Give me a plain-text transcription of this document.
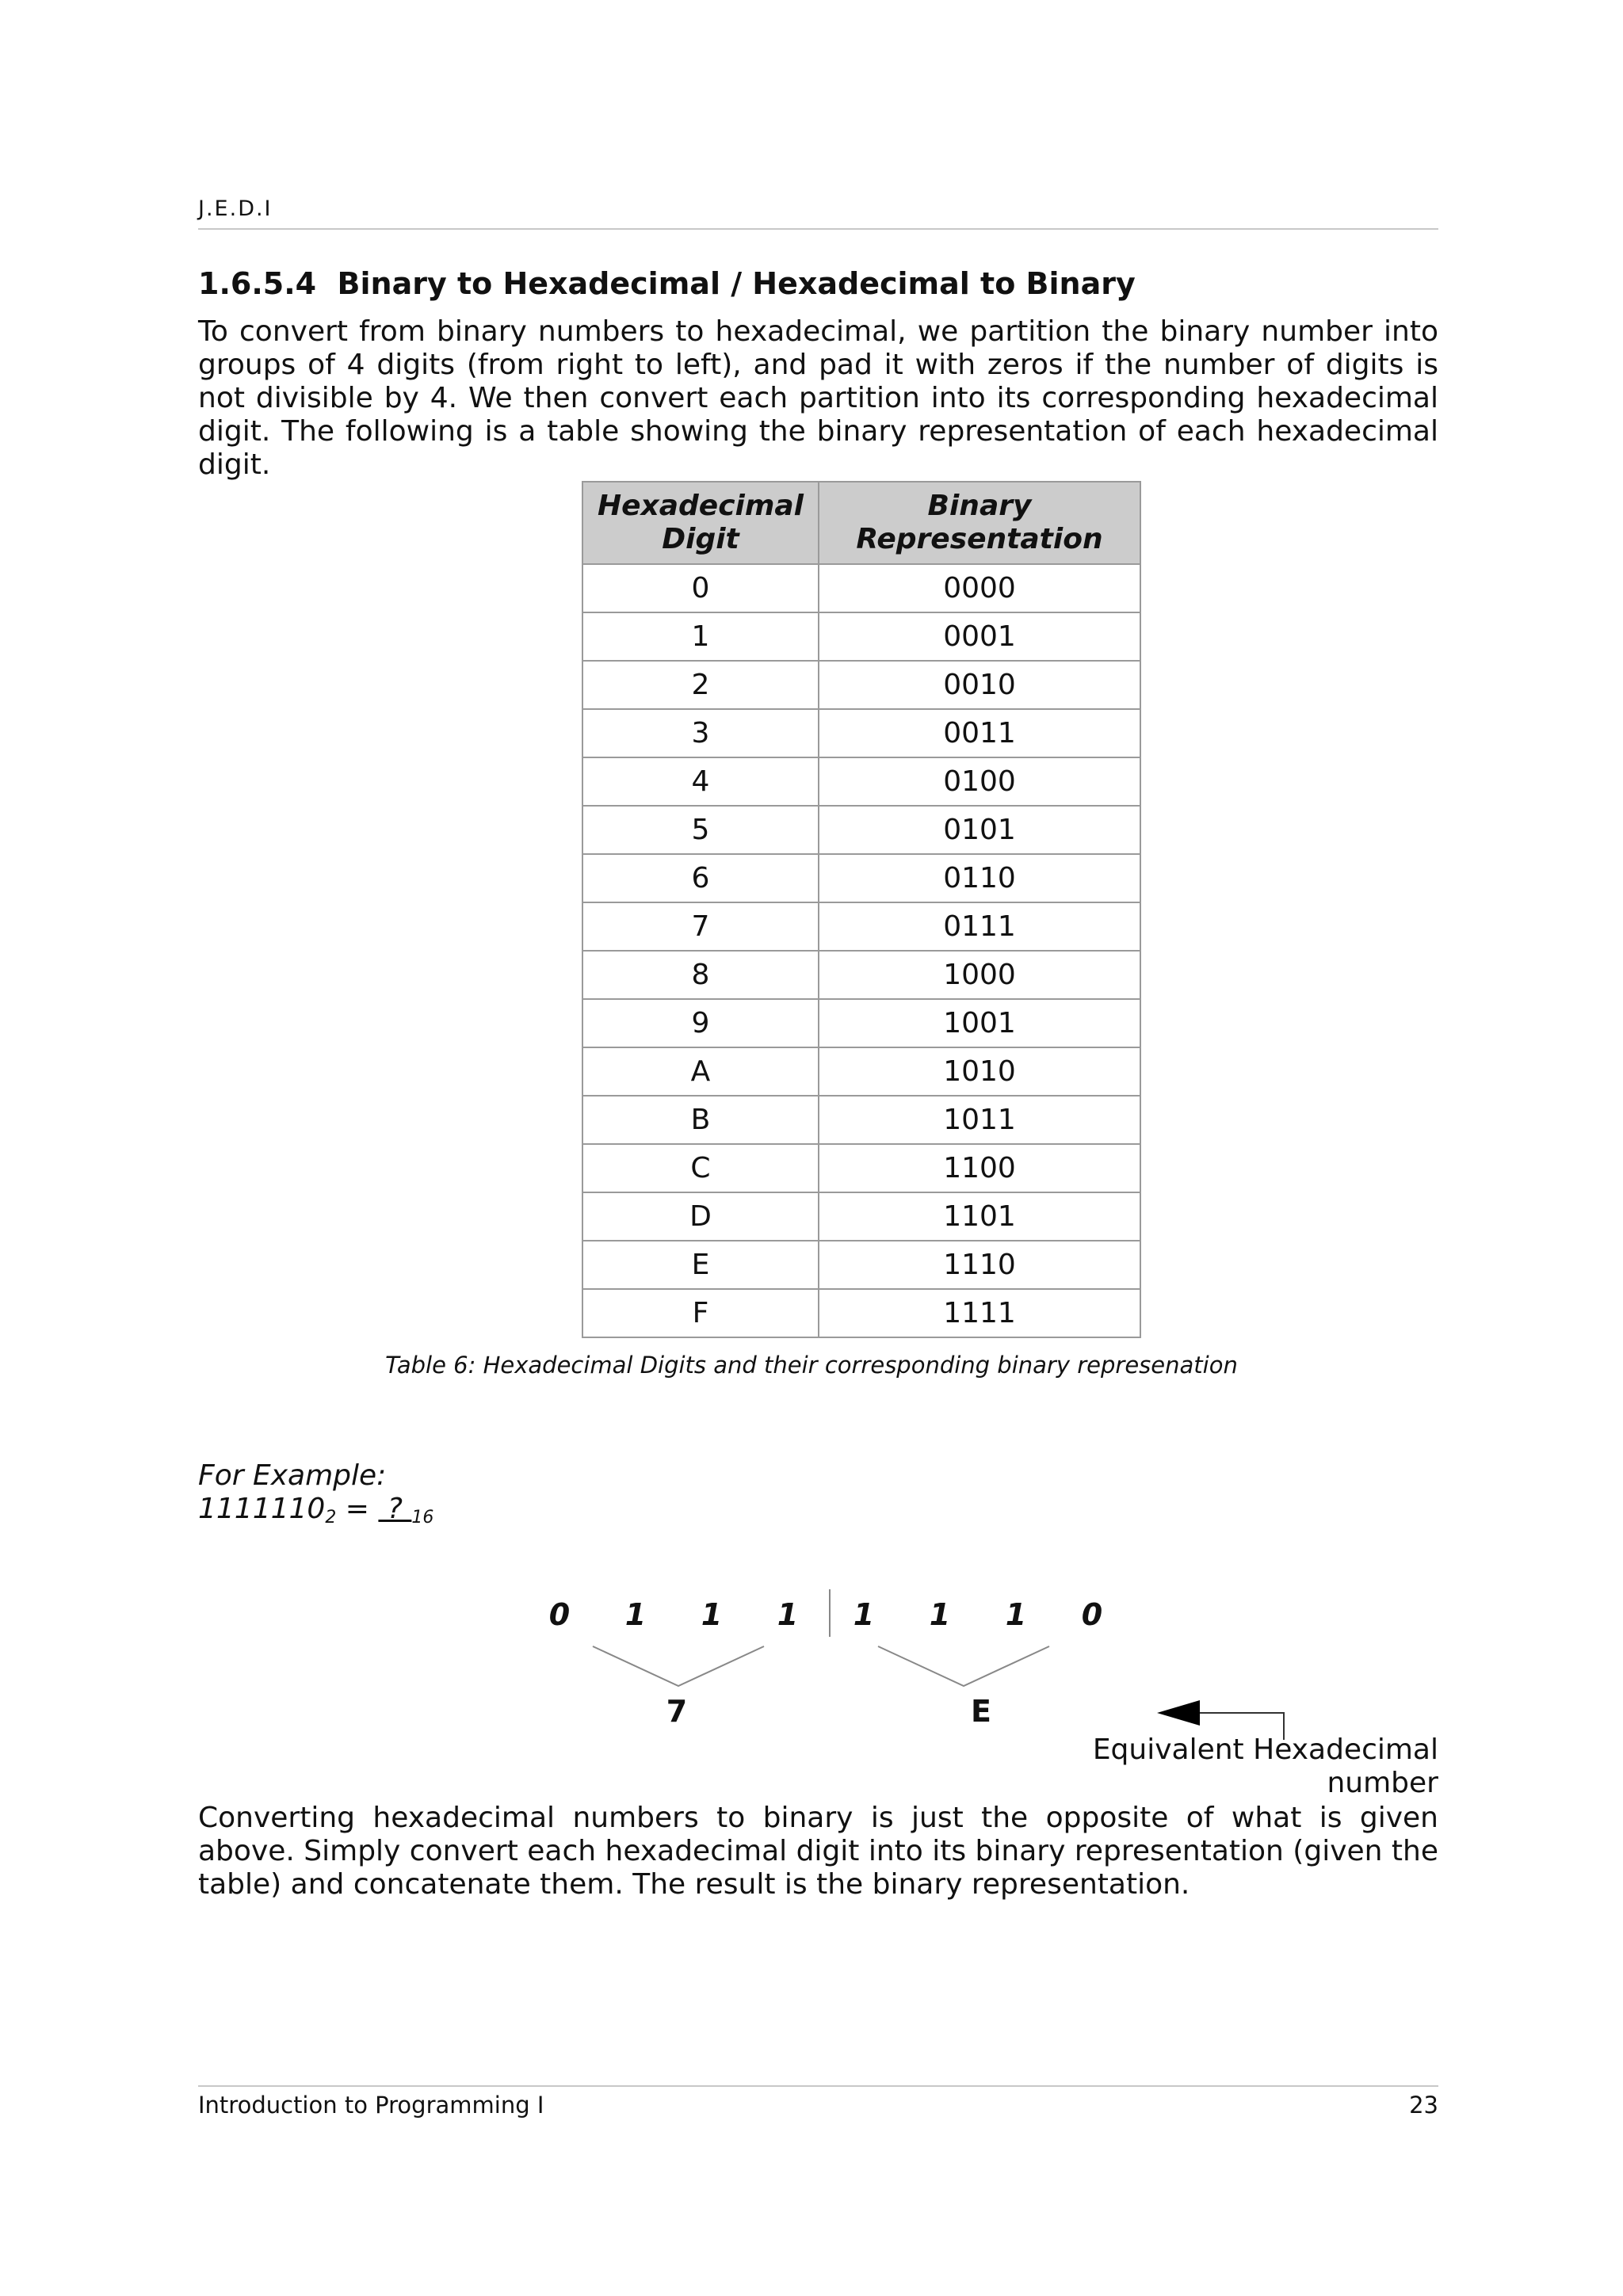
J.E.D.I
1.6.5.4  Binary to Hexadecimal / Hexadecimal to Binary

To convert from binary numbers to hexadecimal, we partition the binary number into groups of 4 digits (from right to left), and pad it with zeros if the number of digits is not divisible by 4. We then convert each partition into its corresponding hexadecimal digit. The following is a table showing the binary representation of each hexadecimal digit.

Hexadecimal Digit	Binary Representation
0	0000
1	0001
2	0010
3	0011
4	0100
5	0101
6	0110
7	0111
8	1000
9	1001
A	1010
B	1011
C	1100
D	1101
E	1110
F	1111
Table 6: Hexadecimal Digits and their corresponding binary represenation
For Example:
$1111110_2$ =  ? $_{16}$
0 1 1 1 1 1 1 0
7	E
Equivalent Hexadecimal
number

Converting hexadecimal numbers to binary is just the opposite of what is given above. Simply convert each hexadecimal digit into its binary representation (given the table) and concatenate them. The result is the binary representation.

Introduction to Programming I	23
